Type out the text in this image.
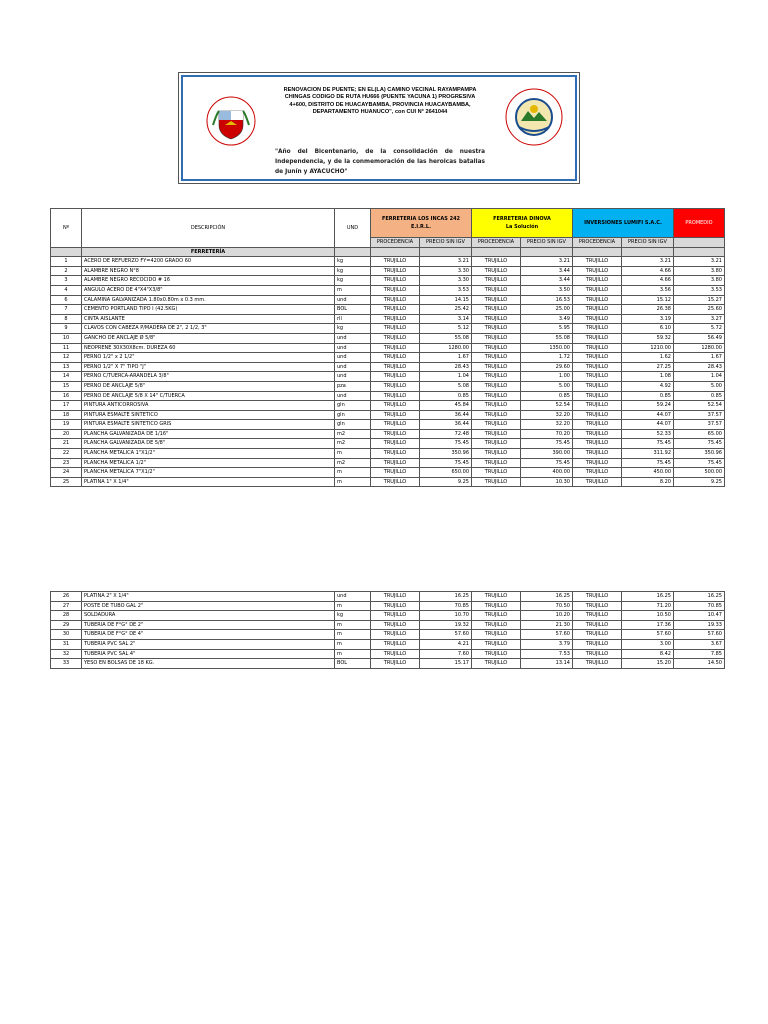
RENOVACION DE PUENTE; EN EL(LA) CAMINO VECINAL RAYAMPAMPA
CHINGAS CODIGO DE RUTA HU666 (PUENTE YACUNA 1) PROGRESIVA
4+600, DISTRITO DE HUACAYBAMBA, PROVINCIA HUACAYBAMBA,
DEPARTAMENTO HUANUCO", con CUI N° 2641044
"Año del Bicentenario, de la consolidación de nuestra Independencia, y de la conmemoración de las heroicas batallas de Junín y AYACUCHO"
Nº	DESCRIPCIÓN	UND	FERRETERIA LOS INCAS 242
E.I.R.L.		FERRETERIA DINOVA
La Solución		INVERSIONES LUMIFI S.A.C.		PROMEDIO
			PROCEDENCIA	PRECIO SIN IGV	PROCEDENCIA	PRECIO SIN IGV	PROCEDENCIA	PRECIO SIN IGV	
	FERRETERÍA								
1	ACERO DE REFUERZO FY=4200 GRADO 60	kg	TRUJILLO	3.21	TRUJILLO	3.21	TRUJILLO	3.21	3.21
2	ALAMBRE NEGRO N°8	kg	TRUJILLO	3.30	TRUJILLO	3.44	TRUJILLO	4.66	3.80
3	ALAMBRE NEGRO RECOCIDO # 16	kg	TRUJILLO	3.30	TRUJILLO	3.44	TRUJILLO	4.66	3.80
4	ANGULO ACERO DE 4"X4"X3/8"	m	TRUJILLO	3.53	TRUJILLO	3.50	TRUJILLO	3.56	3.53
6	CALAMINA GALVANIZADA 1.80x0.80m x 0.3 mm.	und	TRUJILLO	14.15	TRUJILLO	16.53	TRUJILLO	15.12	15.27
7	CEMENTO PORTLAND TIPO I (42.5KG)	BOL	TRUJILLO	25.42	TRUJILLO	25.00	TRUJILLO	26.38	25.60
8	CINTA AISLANTE	rll	TRUJILLO	3.14	TRUJILLO	3.49	TRUJILLO	3.19	3.27
9	CLAVOS CON CABEZA P/MADERA DE 2", 2 1/2, 3"	kg	TRUJILLO	5.12	TRUJILLO	5.95	TRUJILLO	6.10	5.72
10	GANCHO DE ANCLAJE Ø 5/8"	und	TRUJILLO	55.08	TRUJILLO	55.08	TRUJILLO	59.32	56.49
11	NEOPRENE 30X30X8cm. DUREZA 60	und	TRUJILLO	1280.00	TRUJILLO	1350.00	TRUJILLO	1210.00	1280.00
12	PERNO 1/2" x 2 1/2"	und	TRUJILLO	1.67	TRUJILLO	1.72	TRUJILLO	1.62	1.67
13	PERNO 1/2" X 7" TIPO "J"	und	TRUJILLO	28.43	TRUJILLO	29.60	TRUJILLO	27.25	28.43
14	PERNO C/TUERCA-ARANDELA 3/8"	und	TRUJILLO	1.04	TRUJILLO	1.00	TRUJILLO	1.08	1.04
15	PERNO DE ANCLAJE 5/8"	pza	TRUJILLO	5.08	TRUJILLO	5.00	TRUJILLO	4.92	5.00
16	PERNO DE ANCLAJE 5/8 X 14" C/TUERCA	und	TRUJILLO	0.85	TRUJILLO	0.85	TRUJILLO	0.85	0.85
17	PINTURA ANTICORROSIVA	gln	TRUJILLO	45.84	TRUJILLO	52.54	TRUJILLO	59.24	52.54
18	PINTURA ESMALTE SINTETICO	gln	TRUJILLO	36.44	TRUJILLO	32.20	TRUJILLO	44.07	37.57
19	PINTURA ESMALTE SINTETICO GRIS	gln	TRUJILLO	36.44	TRUJILLO	32.20	TRUJILLO	44.07	37.57
20	PLANCHA GALVANIZADA DE 1/16"	m2	TRUJILLO	72.48	TRUJILLO	70.20	TRUJILLO	52.33	65.00
21	PLANCHA GALVANIZADA DE 5/8"	m2	TRUJILLO	75.45	TRUJILLO	75.45	TRUJILLO	75.45	75.45
22	PLANCHA METALICA 1"X1/2"	m	TRUJILLO	350.96	TRUJILLO	390.00	TRUJILLO	311.92	350.96
23	PLANCHA METALICA 1/2"	m2	TRUJILLO	75.45	TRUJILLO	75.45	TRUJILLO	75.45	75.45
24	PLANCHA METALICA 7"X1/2"	m	TRUJILLO	650.00	TRUJILLO	400.00	TRUJILLO	450.00	500.00
25	PLATINA 1" X 1/4"	m	TRUJILLO	9.25	TRUJILLO	10.30	TRUJILLO	8.20	9.25
26	PLATINA 2" X 1/4"	und	TRUJILLO	16.25	TRUJILLO	16.25	TRUJILLO	16.25	16.25
27	POSTE DE TUBO GAL 2"	m	TRUJILLO	70.85	TRUJILLO	70.50	TRUJILLO	71.20	70.85
28	SOLDADURA	kg	TRUJILLO	10.70	TRUJILLO	10.20	TRUJILLO	10.50	10.47
29	TUBERIA DE F°G° DE 2"	m	TRUJILLO	19.32	TRUJILLO	21.30	TRUJILLO	17.36	19.33
30	TUBERIA DE F°G° DE 4"	m	TRUJILLO	57.60	TRUJILLO	57.60	TRUJILLO	57.60	57.60
31	TUBERIA PVC SAL 2"	m	TRUJILLO	4.21	TRUJILLO	3.79	TRUJILLO	3.00	3.67
32	TUBERIA PVC SAL 4"	m	TRUJILLO	7.60	TRUJILLO	7.53	TRUJILLO	8.42	7.85
33	YESO EN BOLSAS DE 18 KG.	BOL	TRUJILLO	15.17	TRUJILLO	13.14	TRUJILLO	15.20	14.50
